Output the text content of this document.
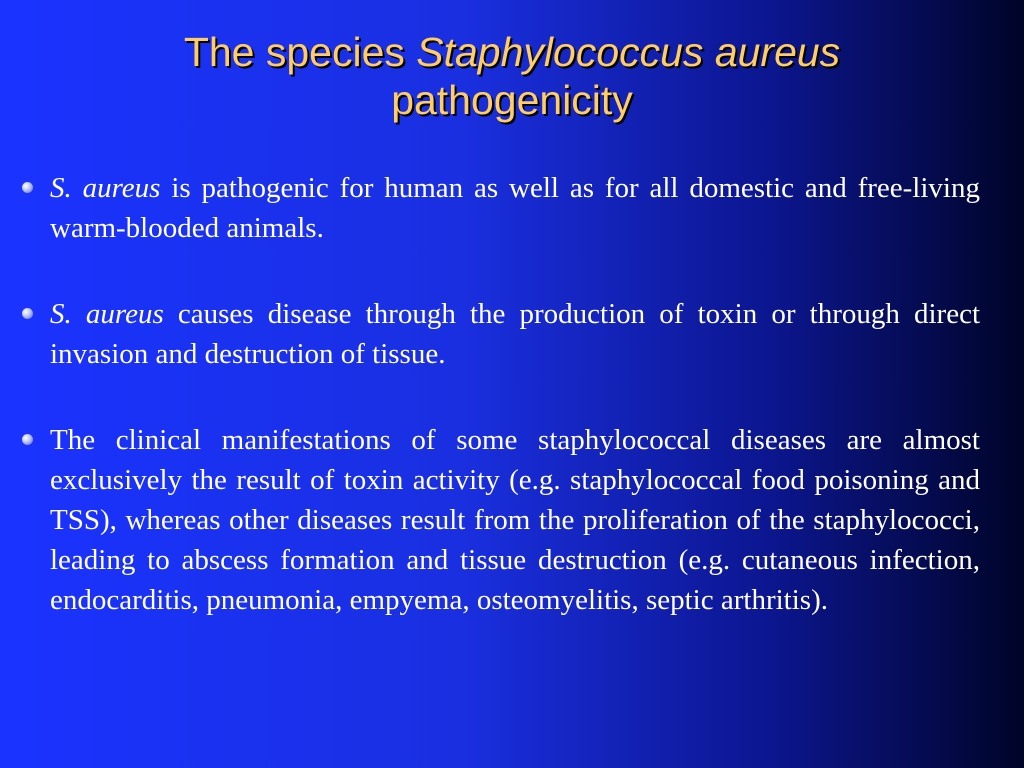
The species Staphylococcus aureus
pathogenicity
S. aureus is pathogenic for human as well as for all domestic and free-living warm-blooded animals.
S. aureus causes disease through the production of toxin or through direct invasion and destruction of tissue.
The clinical manifestations of some staphylococcal diseases are almost exclusively the result of toxin activity (e.g. staphylococcal food poisoning and TSS), whereas other diseases result from the proliferation of the staphylococci, leading to abscess formation and tissue destruction (e.g. cutaneous infection, endocarditis, pneumonia, empyema, osteomyelitis, septic arthritis).
